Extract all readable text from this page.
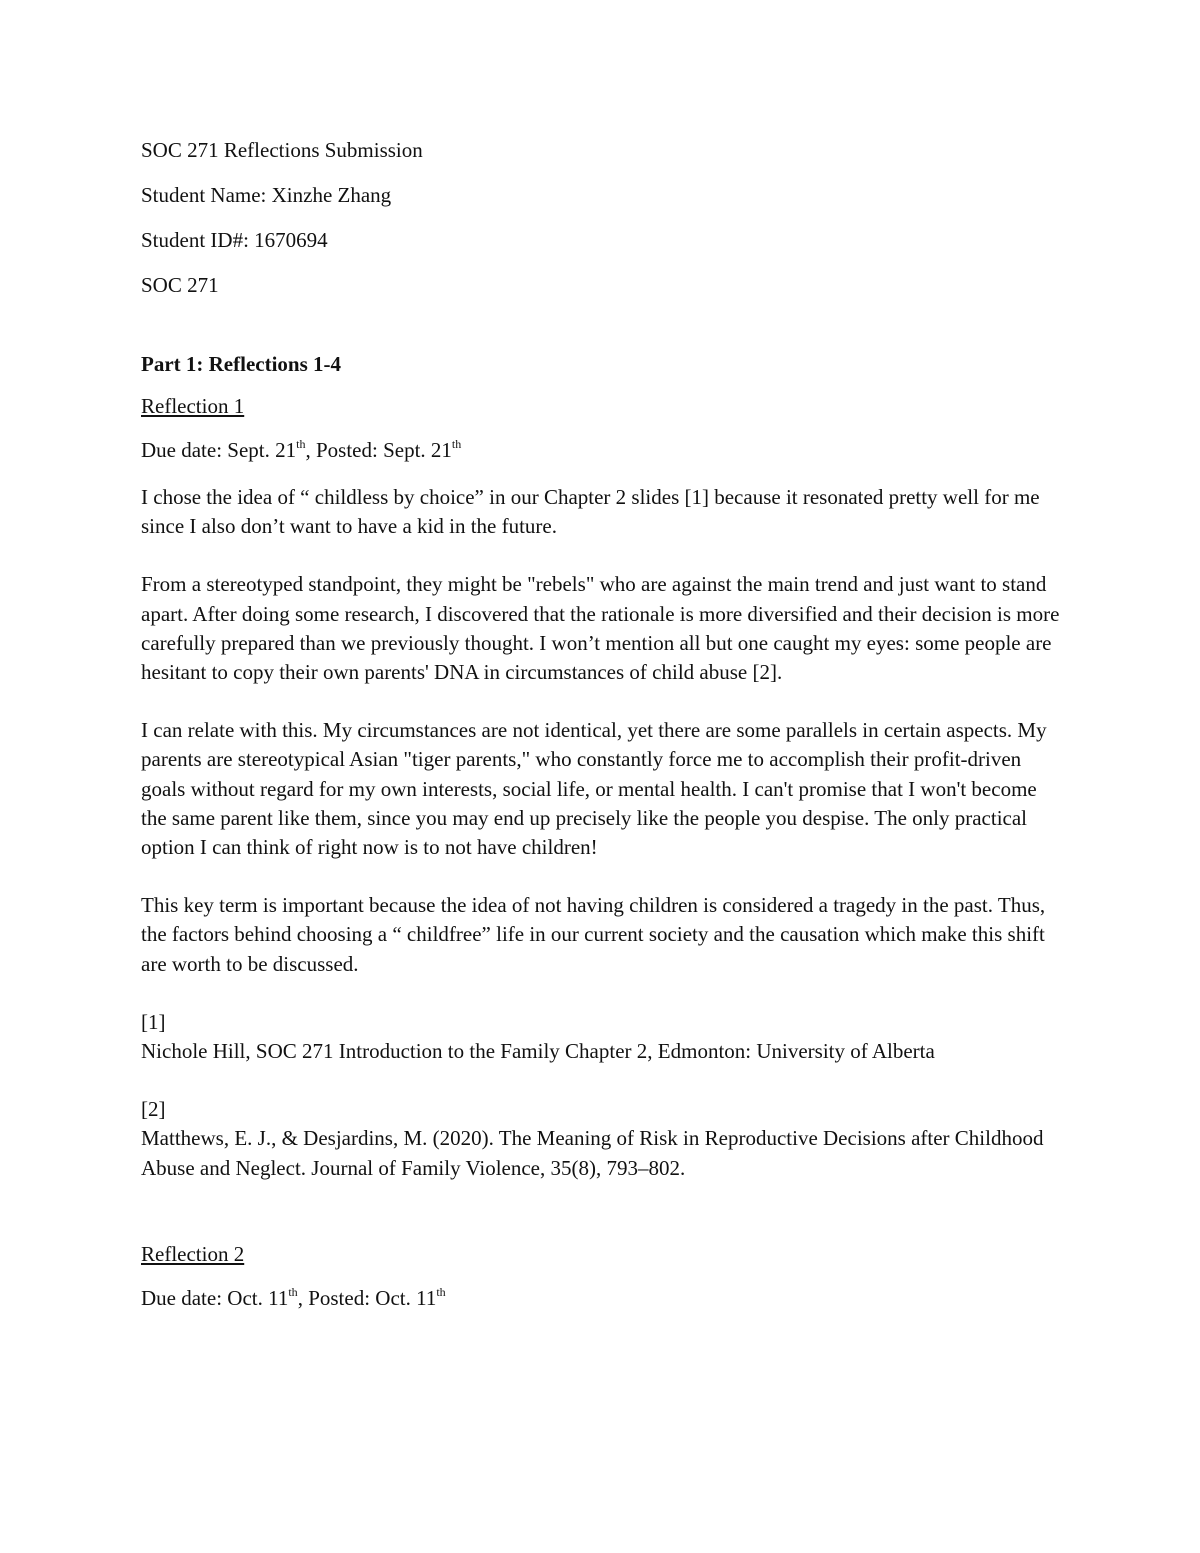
SOC 271 Reflections Submission

Student Name: Xinzhe Zhang

Student ID#: 1670694

SOC 271

Part 1: Reflections 1-4

Reflection 1

Due date: Sept. 21th, Posted: Sept. 21th

I chose the idea of “ childless by choice” in our Chapter 2 slides [1] because it resonated pretty well for me since I also don’t want to have a kid in the future.

From a stereotyped standpoint, they might be "rebels" who are against the main trend and just want to stand apart. After doing some research, I discovered that the rationale is more diversified and their decision is more carefully prepared than we previously thought. I won’t mention all but one caught my eyes: some people are hesitant to copy their own parents' DNA in circumstances of child abuse [2].

I can relate with this. My circumstances are not identical, yet there are some parallels in certain aspects. My parents are stereotypical Asian "tiger parents," who constantly force me to accomplish their profit-driven goals without regard for my own interests, social life, or mental health. I can't promise that I won't become the same parent like them, since you may end up precisely like the people you despise. The only practical option I can think of right now is to not have children!

This key term is important because the idea of not having children is considered a tragedy in the past. Thus, the factors behind choosing a “ childfree” life in our current society and the causation which make this shift are worth to be discussed.

[1]
Nichole Hill, SOC 271 Introduction to the Family Chapter 2, Edmonton: University of Alberta

[2]
Matthews, E. J., & Desjardins, M. (2020). The Meaning of Risk in Reproductive Decisions after Childhood Abuse and Neglect. Journal of Family Violence, 35(8), 793–802.

Reflection 2

Due date: Oct. 11th, Posted: Oct. 11th
